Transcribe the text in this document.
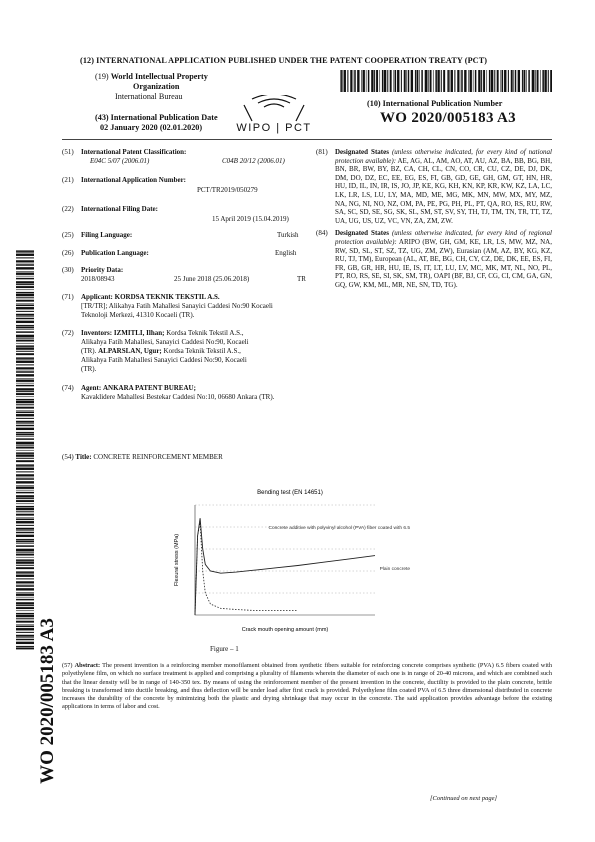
(12) INTERNATIONAL APPLICATION PUBLISHED UNDER THE PATENT COOPERATION TREATY (PCT)
(19) World Intellectual Property
Organization
International Bureau
(43) International Publication Date
02 January 2020 (02.01.2020)	WIPO | PCT
(10) International Publication Number
WO 2020/005183 A3
(51) International Patent Classification:
E04C 5/07 (2006.01)	C04B 20/12 (2006.01)
(21) International Application Number:
PCT/TR2019/050279
(22) International Filing Date:
15 April 2019 (15.04.2019)
(25) Filing Language:	Turkish
(26) Publication Language:	English
(30) Priority Data:
2018/08943	25 June 2018 (25.06.2018)	TR
(71) Applicant: KORDSA TEKNIK TEKSTIL A.S.
[TR/TR]; Alikahya Fatih Mahallesi Sanayici Caddesi No:90 Kocaeli
Teknoloji Merkezi, 41310 Kocaeli (TR).
(72) Inventors: IZMITLI, Ilhan; Kordsa Teknik Tekstil A.S.,
Alikahya Fatih Mahallesi, Sanayici Caddesi No:90, Kocaeli
(TR). ALPARSLAN, Ugur; Kordsa Teknik Tekstil A.S.,
Alikahya Fatih Mahallesi Sanayici Caddesi No:90, Kocaeli
(TR).
(74) Agent: ANKARA PATENT BUREAU;
Kavaklidere Mahallesi Bestekar Caddesi No:10, 06680 Ankara (TR).
(81) Designated States (unless otherwise indicated, for every kind of national protection available): AE, AG, AL, AM, AO, AT, AU, AZ, BA, BB, BG, BH, BN, BR, BW, BY, BZ, CA, CH, CL, CN, CO, CR, CU, CZ, DE, DJ, DK, DM, DO, DZ, EC, EE, EG, ES, FI, GB, GD, GE, GH, GM, GT, HN, HR, HU, ID, IL, IN, IR, IS, JO, JP, KE, KG, KH, KN, KP, KR, KW, KZ, LA, LC, LK, LR, LS, LU, LY, MA, MD, ME, MG, MK, MN, MW, MX, MY, MZ, NA, NG, NI, NO, NZ, OM, PA, PE, PG, PH, PL, PT, QA, RO, RS, RU, RW, SA, SC, SD, SE, SG, SK, SL, SM, ST, SV, SY, TH, TJ, TM, TN, TR, TT, TZ, UA, UG, US, UZ, VC, VN, ZA, ZM, ZW.
(84) Designated States (unless otherwise indicated, for every kind of regional protection available): ARIPO (BW, GH, GM, KE, LR, LS, MW, MZ, NA, RW, SD, SL, ST, SZ, TZ, UG, ZM, ZW), Eurasian (AM, AZ, BY, KG, KZ, RU, TJ, TM), European (AL, AT, BE, BG, CH, CY, CZ, DE, DK, EE, ES, FI, FR, GB, GR, HR, HU, IE, IS, IT, LT, LU, LV, MC, MK, MT, NL, NO, PL, PT, RO, RS, SE, SI, SK, SM, TR), OAPI (BF, BJ, CF, CG, CI, CM, GA, GN, GQ, GW, KM, ML, MR, NE, SN, TD, TG).
WO 2020/005183 A3
(54) Title: CONCRETE REINFORCEMENT MEMBER
Bending test (EN 14651)
Flexural stress (MPa)
Crack mouth opening amount (mm)
Concrete additive with polyvinyl alcohol (PVA) fiber coated with 6.5
Plain concrete
Figure – 1
(57) Abstract: The present invention is a reinforcing member monofilament obtained from synthetic fibers suitable for reinforcing concrete comprises synthetic (PVA) 6.5 fibers coated with polyethylene film, on which no surface treatment is applied and comprising a plurality of filaments wherein the diameter of each one is in range of 20-40 microns, and which are combined such that the linear density will be in range of 140-350 tex. By means of using the reinforcement member of the present invention in the concrete, ductility is provided to the plain concrete, brittle breaking is transformed into ductile breaking, and thus deflection will be under load after first crack is provided. Polyethylene film coated PVA of 6.5 three dimensional distributed in concrete increases the durability of the concrete by minimizing both the plastic and drying shrinkage that may occur in the concrete. The said application provides advantage before the existing applications in terms of labor and cost.
[Continued on next page]
